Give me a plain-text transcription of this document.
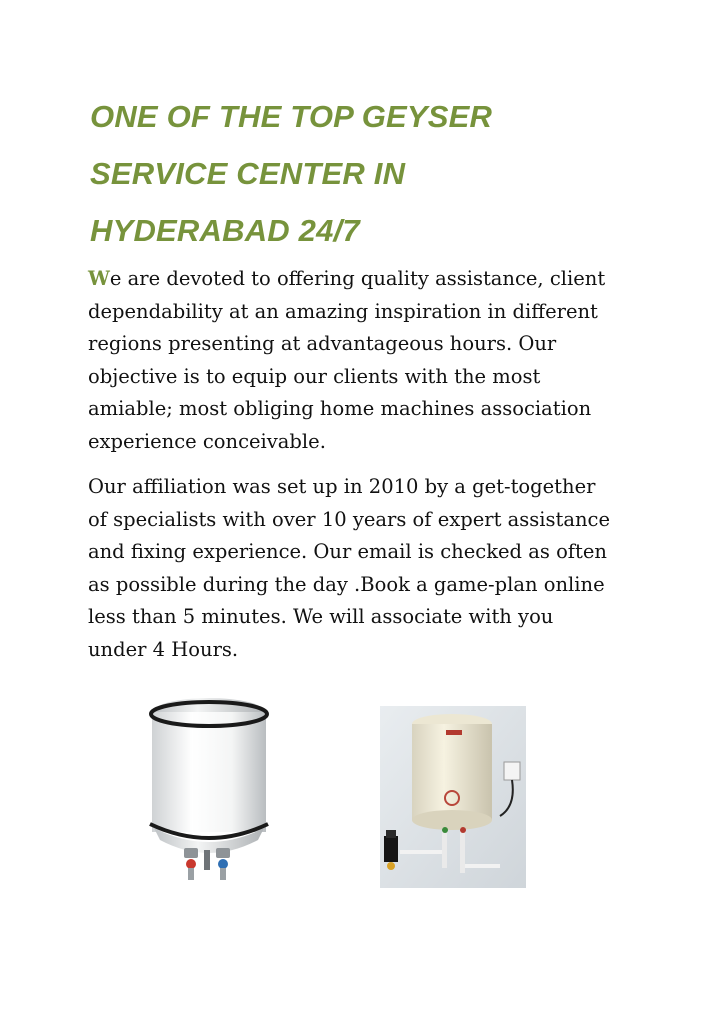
ONE OF THE TOP GEYSER
SERVICE CENTER IN
HYDERABAD 24/7

We are devoted to offering quality assistance, client
dependability at an amazing inspiration in different
regions presenting at advantageous hours. Our
objective is to equip our clients with the most
amiable; most obliging home machines association
experience conceivable.

Our affiliation was set up in 2010 by a get-together
of specialists with over 10 years of expert assistance
and fixing experience. Our email is checked as often
as possible during the day .Book a game-plan online
less than 5 minutes. We will associate with you
under 4 Hours.
